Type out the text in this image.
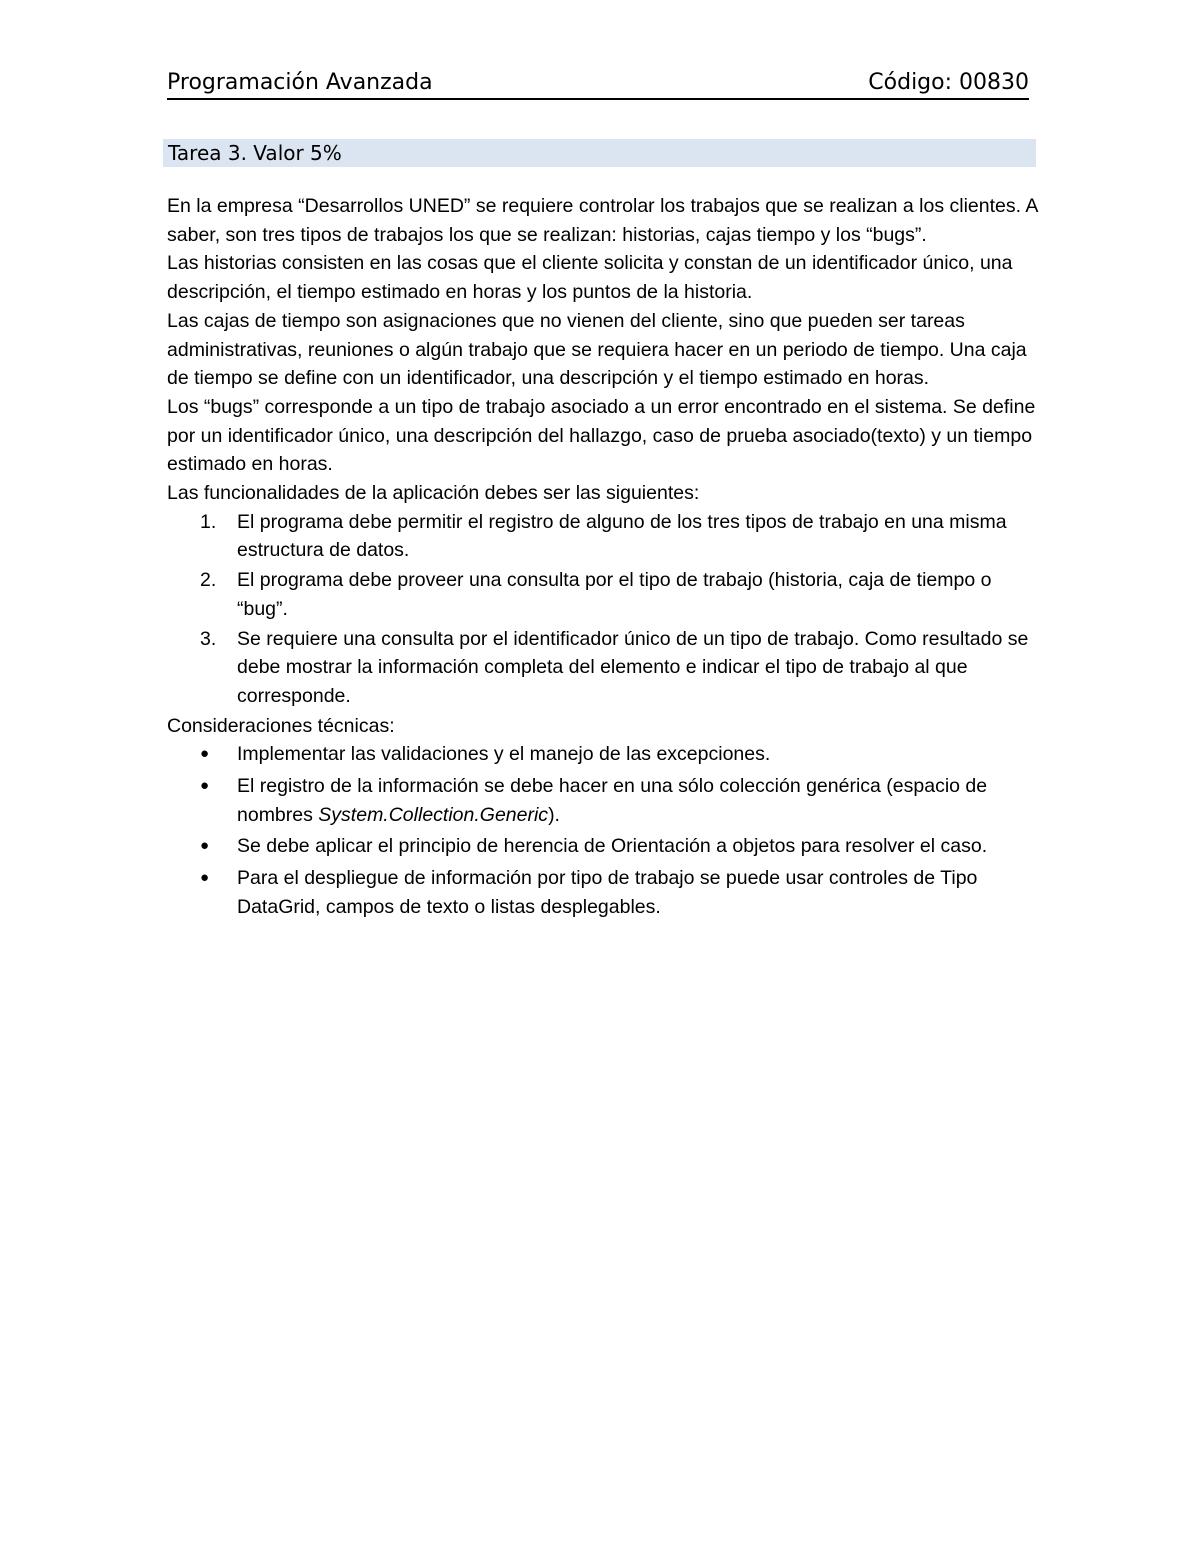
Programación Avanzada	Código: 00830
Tarea 3. Valor 5%

En la empresa “Desarrollos UNED” se requiere controlar los trabajos que se realizan a los clientes. A saber, son tres tipos de trabajos los que se realizan: historias, cajas tiempo y los “bugs”.

Las historias consisten en las cosas que el cliente solicita y constan de un identificador único, una descripción, el tiempo estimado en horas y los puntos de la historia.

Las cajas de tiempo son asignaciones que no vienen del cliente, sino que pueden ser tareas administrativas, reuniones o algún trabajo que se requiera hacer en un periodo de tiempo. Una caja de tiempo se define con un identificador, una descripción y el tiempo estimado en horas.

Los “bugs” corresponde a un tipo de trabajo asociado a un error encontrado en el sistema. Se define por un identificador único, una descripción del hallazgo, caso de prueba asociado(texto) y un tiempo estimado en horas.

Las funcionalidades de la aplicación debes ser las siguientes:

1. El programa debe permitir el registro de alguno de los tres tipos de trabajo en una misma estructura de datos.
2. El programa debe proveer una consulta por el tipo de trabajo (historia, caja de tiempo o “bug”.
3. Se requiere una consulta por el identificador único de un tipo de trabajo. Como resultado se debe mostrar la información completa del elemento e indicar el tipo de trabajo al que corresponde.

Consideraciones técnicas:

● Implementar las validaciones y el manejo de las excepciones.
● El registro de la información se debe hacer en una sólo colección genérica (espacio de nombres System.Collection.Generic).
● Se debe aplicar el principio de herencia de Orientación a objetos para resolver el caso.
● Para el despliegue de información por tipo de trabajo se puede usar controles de Tipo DataGrid, campos de texto o listas desplegables.
